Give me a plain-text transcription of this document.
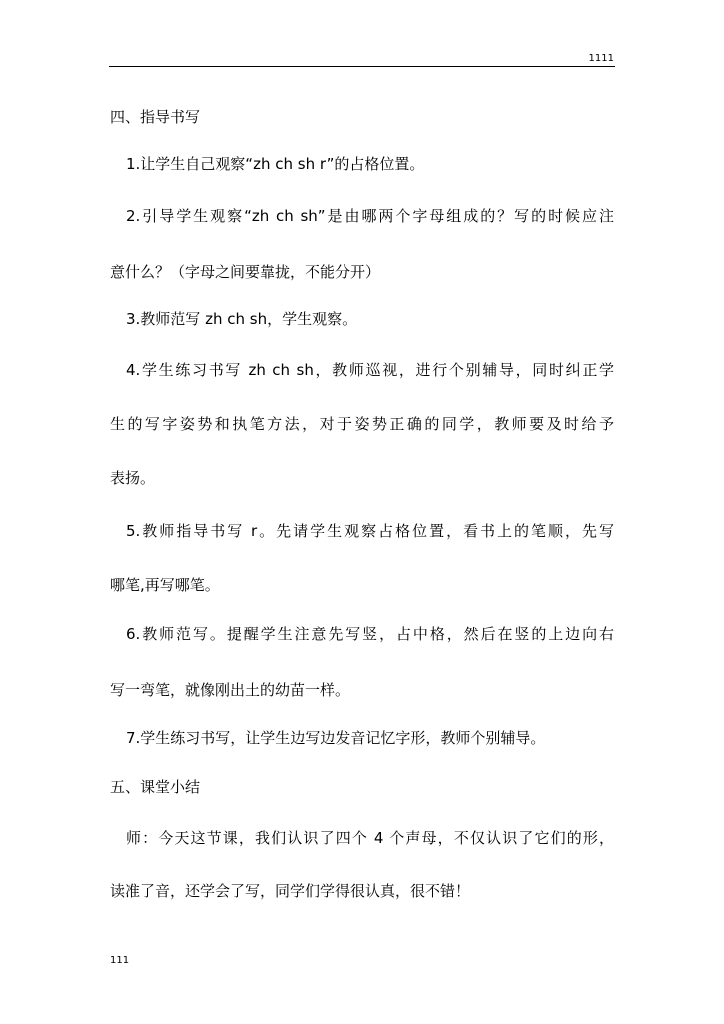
1111
四、指导书写
1.让学生自己观察“zh ch sh r”的占格位置。
2.引导学生观察“zh ch sh”是由哪两个字母组成的？写的时候应注
意什么？（字母之间要靠拢，不能分开）
3.教师范写 zh ch sh，学生观察。
4.学生练习书写 zh ch sh，教师巡视，进行个别辅导，同时纠正学
生的写字姿势和执笔方法，对于姿势正确的同学，教师要及时给予
表扬。
5.教师指导书写 r。先请学生观察占格位置，看书上的笔顺，先写
哪笔,再写哪笔。
6.教师范写。提醒学生注意先写竖，占中格，然后在竖的上边向右
写一弯笔，就像刚出土的幼苗一样。
7.学生练习书写，让学生边写边发音记忆字形，教师个别辅导。
五、课堂小结
师：今天这节课，我们认识了四个 4 个声母，不仅认识了它们的形，
读准了音，还学会了写，同学们学得很认真，很不错！
111
